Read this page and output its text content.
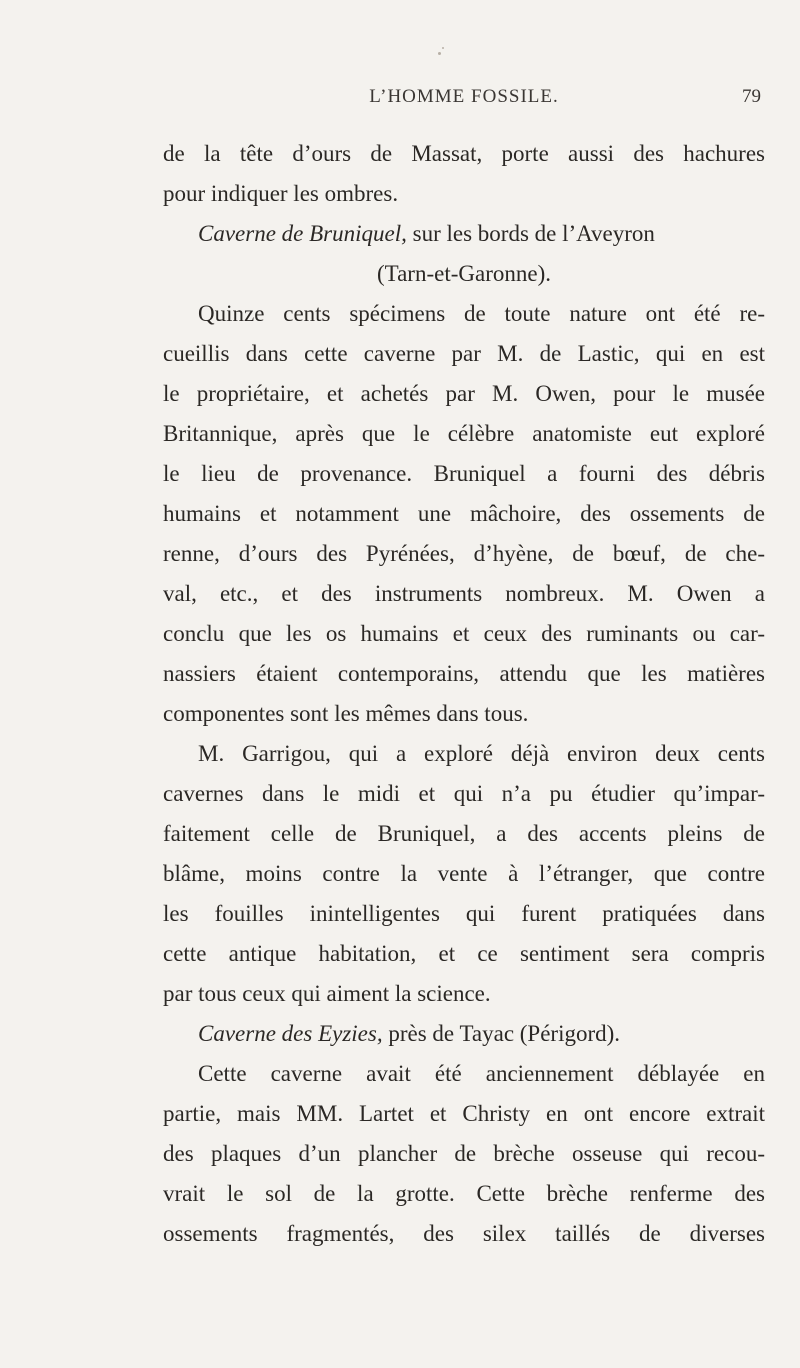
L’HOMME FOSSILE.	79
de la tête d’ours de Massat, porte aussi des hachures
pour indiquer les ombres.
Caverne de Bruniquel, sur les bords de l’Aveyron
(Tarn-et-Garonne).
Quinze cents spécimens de toute nature ont été re-
cueillis dans cette caverne par M. de Lastic, qui en est
le propriétaire, et achetés par M. Owen, pour le musée
Britannique, après que le célèbre anatomiste eut exploré
le lieu de provenance. Bruniquel a fourni des débris
humains et notamment une mâchoire, des ossements de
renne, d’ours des Pyrénées, d’hyène, de bœuf, de che-
val, etc., et des instruments nombreux. M. Owen a
conclu que les os humains et ceux des ruminants ou car-
nassiers étaient contemporains, attendu que les matières
componentes sont les mêmes dans tous.
M. Garrigou, qui a exploré déjà environ deux cents
cavernes dans le midi et qui n’a pu étudier qu’impar-
faitement celle de Bruniquel, a des accents pleins de
blâme, moins contre la vente à l’étranger, que contre
les fouilles inintelligentes qui furent pratiquées dans
cette antique habitation, et ce sentiment sera compris
par tous ceux qui aiment la science.
Caverne des Eyzies, près de Tayac (Périgord).
Cette caverne avait été anciennement déblayée en
partie, mais MM. Lartet et Christy en ont encore extrait
des plaques d’un plancher de brèche osseuse qui recou-
vrait le sol de la grotte. Cette brèche renferme des
ossements fragmentés, des silex taillés de diverses
